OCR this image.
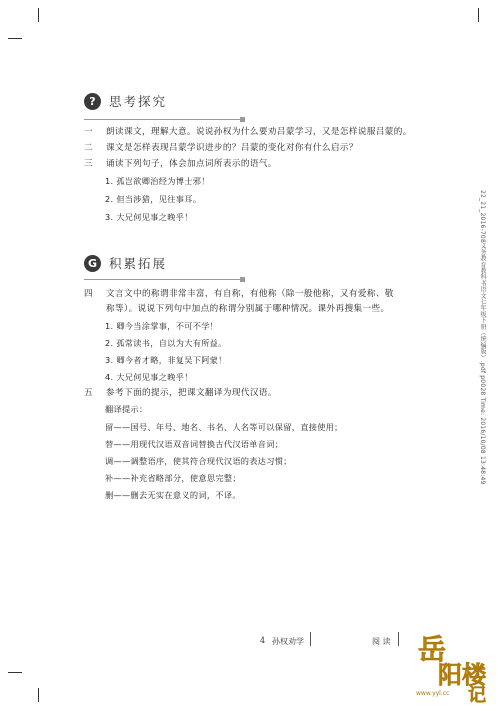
?	思考探究
一	朗读课文，理解大意。说说孙权为什么要劝吕蒙学习，又是怎样说服吕蒙的。
二	课文是怎样表现吕蒙学识进步的？吕蒙的变化对你有什么启示？
三	诵读下列句子，体会加点词所表示的语气。
1. 孤岂欲卿治经为博士邪！
2. 但当涉猎，见往事耳。
3. 大兄何见事之晚乎！
G 积累拓展
四	文言文中的称谓非常丰富，有自称，有他称（除一般他称，又有爱称、敬
称等）。说说下列句中加点的称谓分别属于哪种情况。课外再搜集一些。
1. 卿今当涂掌事，不可不学！
2. 孤常读书，自以为大有所益。
3. 卿今者才略，非复吴下阿蒙！
4. 大兄何见事之晚乎！
五	参考下面的提示，把课文翻译为现代汉语。
翻译提示：
留——国号、年号、地名、书名、人名等可以保留，直接使用；
替——用现代汉语双音词替换古代汉语单音词；
调——调整语序，使其符合现代汉语的表达习惯；
补——补充省略部分，使意思完整；
删——删去无实在意义的词，不译。
22_21_2016-708义务教育教科书语文七年级下册（统编版）.pdf p0028 Time: 2016/10/08 13:48:49
4 孙权劝学	阅 读 岳
阳楼
记
www.yyl.cc
